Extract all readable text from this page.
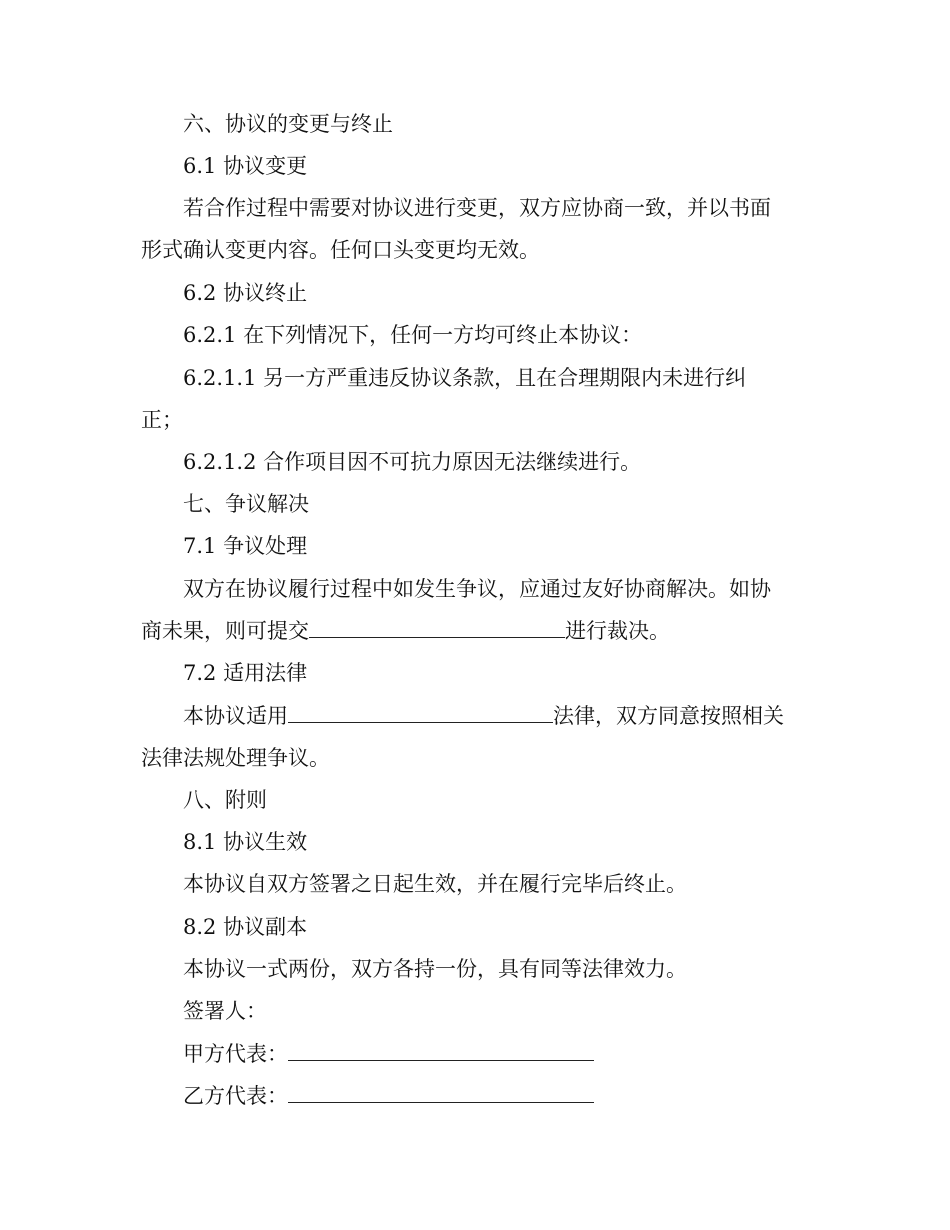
六、协议的变更与终止
6.1 协议变更
若合作过程中需要对协议进行变更，双方应协商一致，并以书面
形式确认变更内容。任何口头变更均无效。
6.2 协议终止
6.2.1 在下列情况下，任何一方均可终止本协议：
6.2.1.1 另一方严重违反协议条款，且在合理期限内未进行纠
正；
6.2.1.2 合作项目因不可抗力原因无法继续进行。
七、争议解决
7.1 争议处理
双方在协议履行过程中如发生争议，应通过友好协商解决。如协
商未果，则可提交	进行裁决。
7.2 适用法律
本协议适用	法律，双方同意按照相关
法律法规处理争议。
八、附则
8.1 协议生效
本协议自双方签署之日起生效，并在履行完毕后终止。
8.2 协议副本
本协议一式两份，双方各持一份，具有同等法律效力。
签署人：
甲方代表：
乙方代表：
